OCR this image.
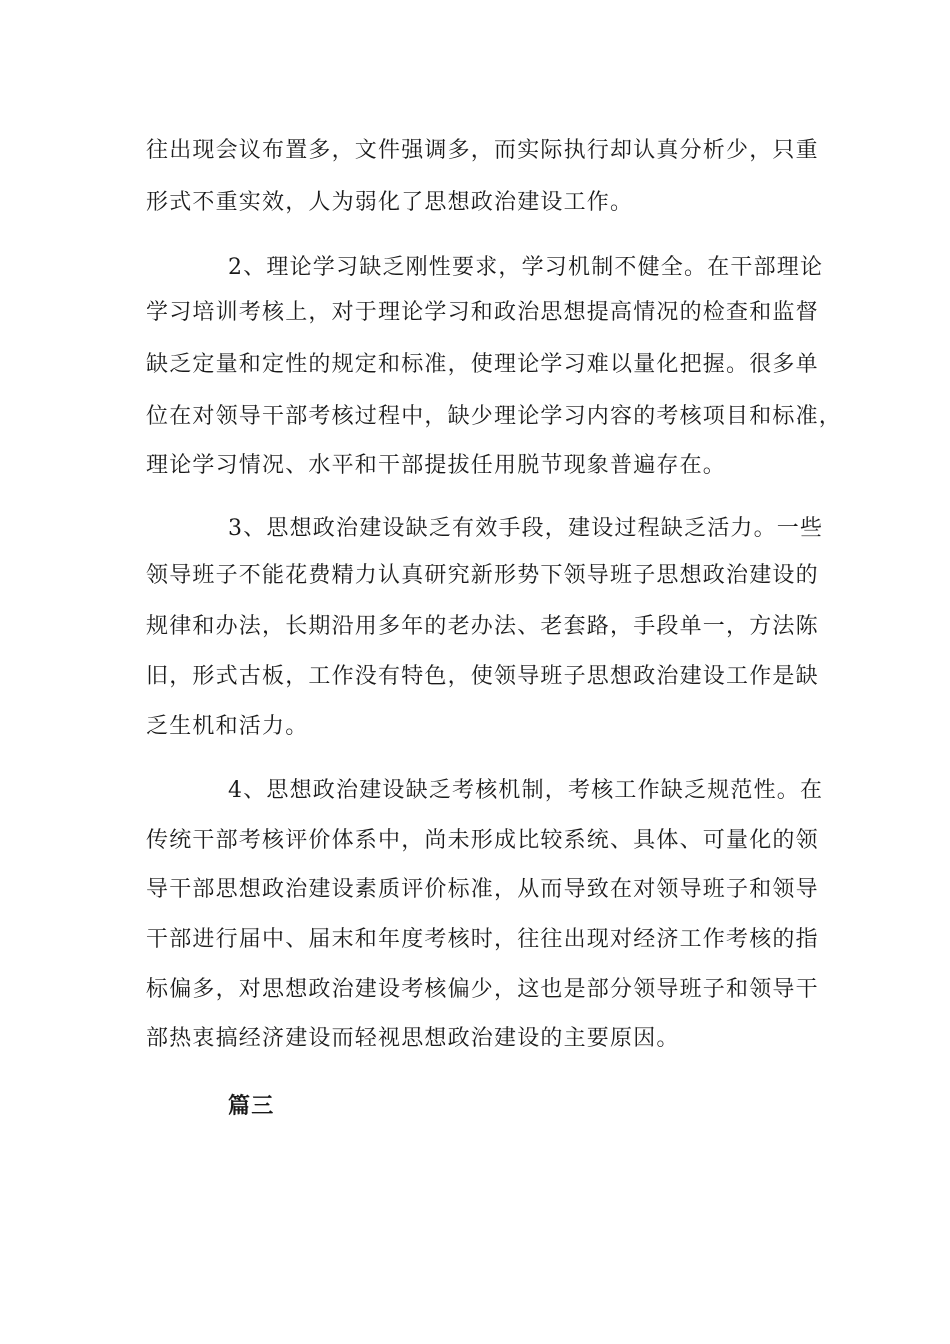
往出现会议布置多，文件强调多，而实际执行却认真分析少，只重
形式不重实效，人为弱化了思想政治建设工作。
2、理论学习缺乏刚性要求，学习机制不健全。在干部理论
学习培训考核上，对于理论学习和政治思想提高情况的检查和监督
缺乏定量和定性的规定和标准，使理论学习难以量化把握。很多单
位在对领导干部考核过程中，缺少理论学习内容的考核项目和标准，
理论学习情况、水平和干部提拔任用脱节现象普遍存在。
3、思想政治建设缺乏有效手段，建设过程缺乏活力。一些
领导班子不能花费精力认真研究新形势下领导班子思想政治建设的
规律和办法，长期沿用多年的老办法、老套路，手段单一，方法陈
旧，形式古板，工作没有特色，使领导班子思想政治建设工作是缺
乏生机和活力。
4、思想政治建设缺乏考核机制，考核工作缺乏规范性。在
传统干部考核评价体系中，尚未形成比较系统、具体、可量化的领
导干部思想政治建设素质评价标准，从而导致在对领导班子和领导
干部进行届中、届末和年度考核时，往往出现对经济工作考核的指
标偏多，对思想政治建设考核偏少，这也是部分领导班子和领导干
部热衷搞经济建设而轻视思想政治建设的主要原因。
篇三
